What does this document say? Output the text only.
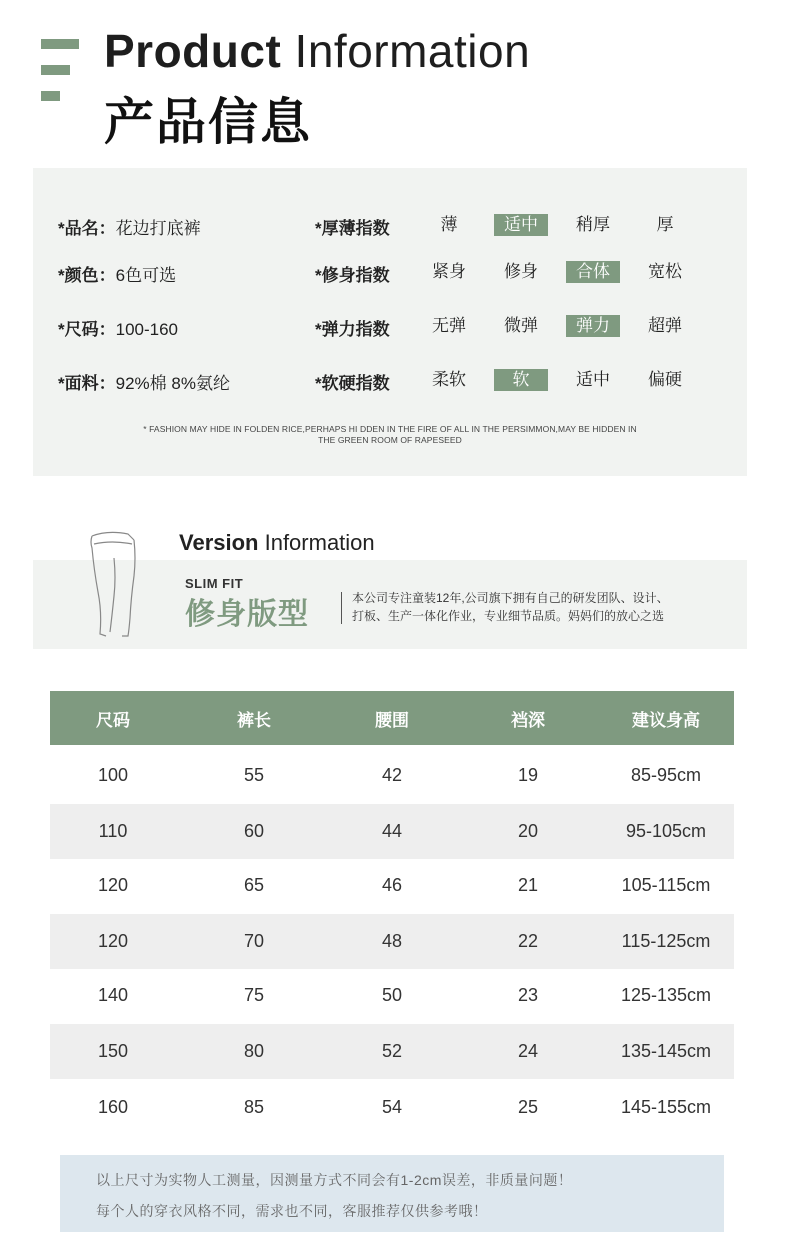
Product Information
产品信息
*品名：花边打底裤
*颜色：6色可选
*尺码：100-160
*面料：92%棉 8%氨纶
*厚薄指数	薄	适中	稍厚	厚
*修身指数	紧身	修身	合体	宽松
*弹力指数	无弹	微弹	弹力	超弹
*软硬指数	柔软	软	适中	偏硬
* FASHION MAY HIDE IN FOLDEN RICE,PERHAPS HI DDEN IN THE FIRE OF ALL IN THE PERSIMMON,MAY BE HIDDEN IN
THE GREEN ROOM OF RAPESEED
Version Information
SLIM FIT
修身版型	本公司专注童装12年,公司旗下拥有自己的研发团队、设计、
打板、生产一体化作业，专业细节品质。妈妈们的放心之选
尺码	裤长	腰围	裆深	建议身高
100	55	42	19	85-95cm
110	60	44	20	95-105cm
120	65	46	21	105-115cm
120	70	48	22	115-125cm
140	75	50	23	125-135cm
150	80	52	24	135-145cm
160	85	54	25	145-155cm

以上尺寸为实物人工测量，因测量方式不同会有1-2cm误差，非质量问题！

每个人的穿衣风格不同，需求也不同，客服推荐仅供参考哦！
